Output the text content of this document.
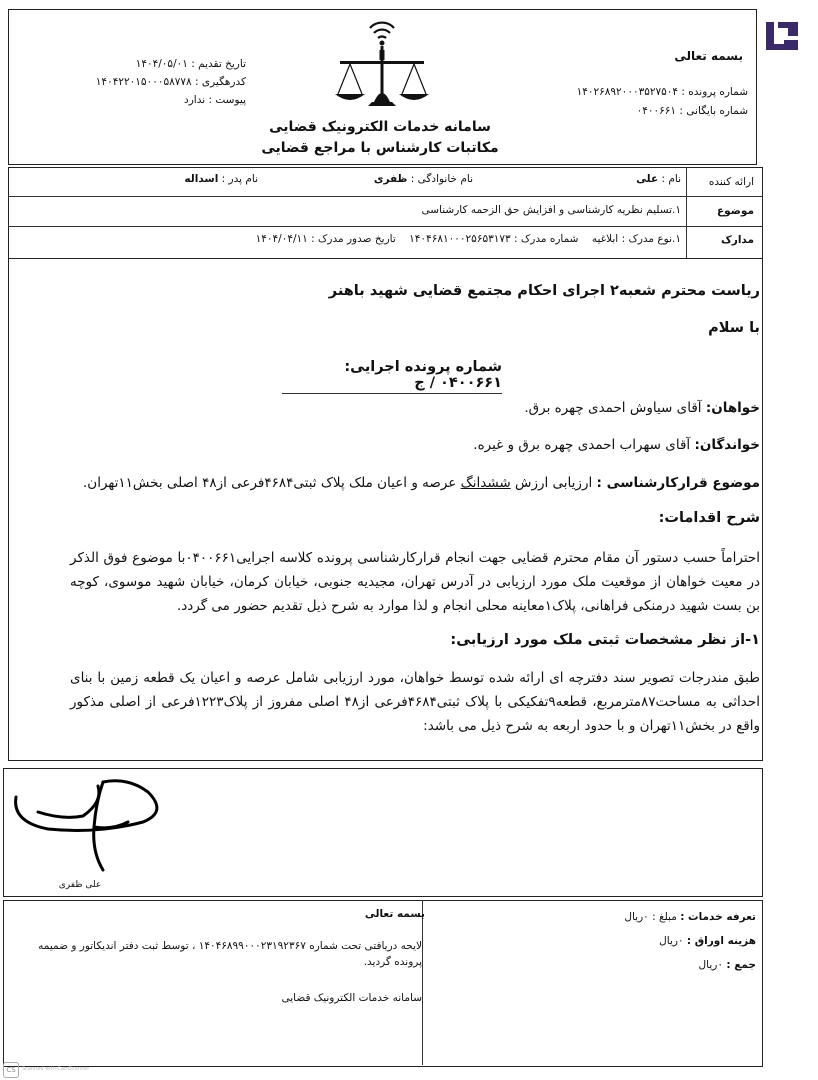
بسمه تعالی
شماره پرونده : ۱۴۰۲۶۸۹۲۰۰۰۳۵۲۷۵۰۴
شماره بایگانی : ۰۴۰۰۶۶۱
تاریخ تقدیم : ۱۴۰۴/۰۵/۰۱
کدرهگیری : ۱۴۰۴۲۲۰۱۵۰۰۰۵۸۷۷۸
پیوست : ندارد
سامانه خدمات الکترونیک قضایی
مکاتبات کارشناس با مراجع قضایی
ارائه کننده
نام : علی
نام خانوادگی : ظفری
نام پدر : اسداله
موضوع
۱.تسلیم نظریه کارشناسی و افزایش حق الزحمه کارشناسی
مدارک
۱.نوع مدرک : ابلاغیه    شماره مدرک : ۱۴۰۴۶۸۱۰۰۰۲۵۶۵۳۱۷۳    تاریخ صدور مدرک : ۱۴۰۴/۰۴/۱۱
ریاست محترم شعبه۲ اجرای احکام مجتمع قضایی شهید باهنر
با سلام
شماره پرونده اجرایی: ۰۴۰۰۶۶۱ / ج
خواهان: آقای سیاوش احمدی چهره برق.
خواندگان: آقای سهراب احمدی چهره برق و غیره.
موضوع قرارکارشناسی : ارزیابی ارزش ششدانگ عرصه و اعیان ملک پلاک ثبتی۴۶۸۴فرعی از۴۸ اصلی بخش۱۱تهران.
شرح اقدامات:
احتراماً حسب دستور آن مقام محترم قضایی جهت انجام قرارکارشناسی پرونده کلاسه اجرایی۰۴۰۰۶۶۱با موضوع فوق الذکر در معیت خواهان از موقعیت ملک مورد ارزیابی در آدرس تهران، مجیدیه جنوبی، خیابان کرمان، خیابان شهید موسوی، کوچه بن بست شهید درمنکی فراهانی، پلاک۱معاینه محلی انجام و لذا موارد به شرح ذیل تقدیم حضور می گردد.
۱-از نظر مشخصات ثبتی ملک مورد ارزیابی:
طبق مندرجات تصویر سند دفترچه ای ارائه شده توسط خواهان، مورد ارزیابی شامل عرصه و اعیان یک قطعه زمین با بنای احداثی به مساحت۸۷مترمربع، قطعه۹تفکیکی با پلاک ثبتی۴۶۸۴فرعی از۴۸ اصلی مفروز از پلاک۱۲۲۳فرعی از اصلی مذکور واقع در بخش۱۱تهران و با حدود اربعه به شرح ذیل می باشد:
علی ظفری
بسمه تعالی
لایحه دریافتی تحت شماره ۱۴۰۴۶۸۹۹۰۰۰۲۳۱۹۲۳۶۷ ، توسط ثبت دفتر اندیکاتور و ضمیمه پرونده گردید.
سامانه خدمات الکترونیک قضایی
تعرفه خدمات : مبلغ : ۰ریال
هزینه اوراق : ۰ریال
جمع : ۰ریال
CS	Scanned with CamScanner
